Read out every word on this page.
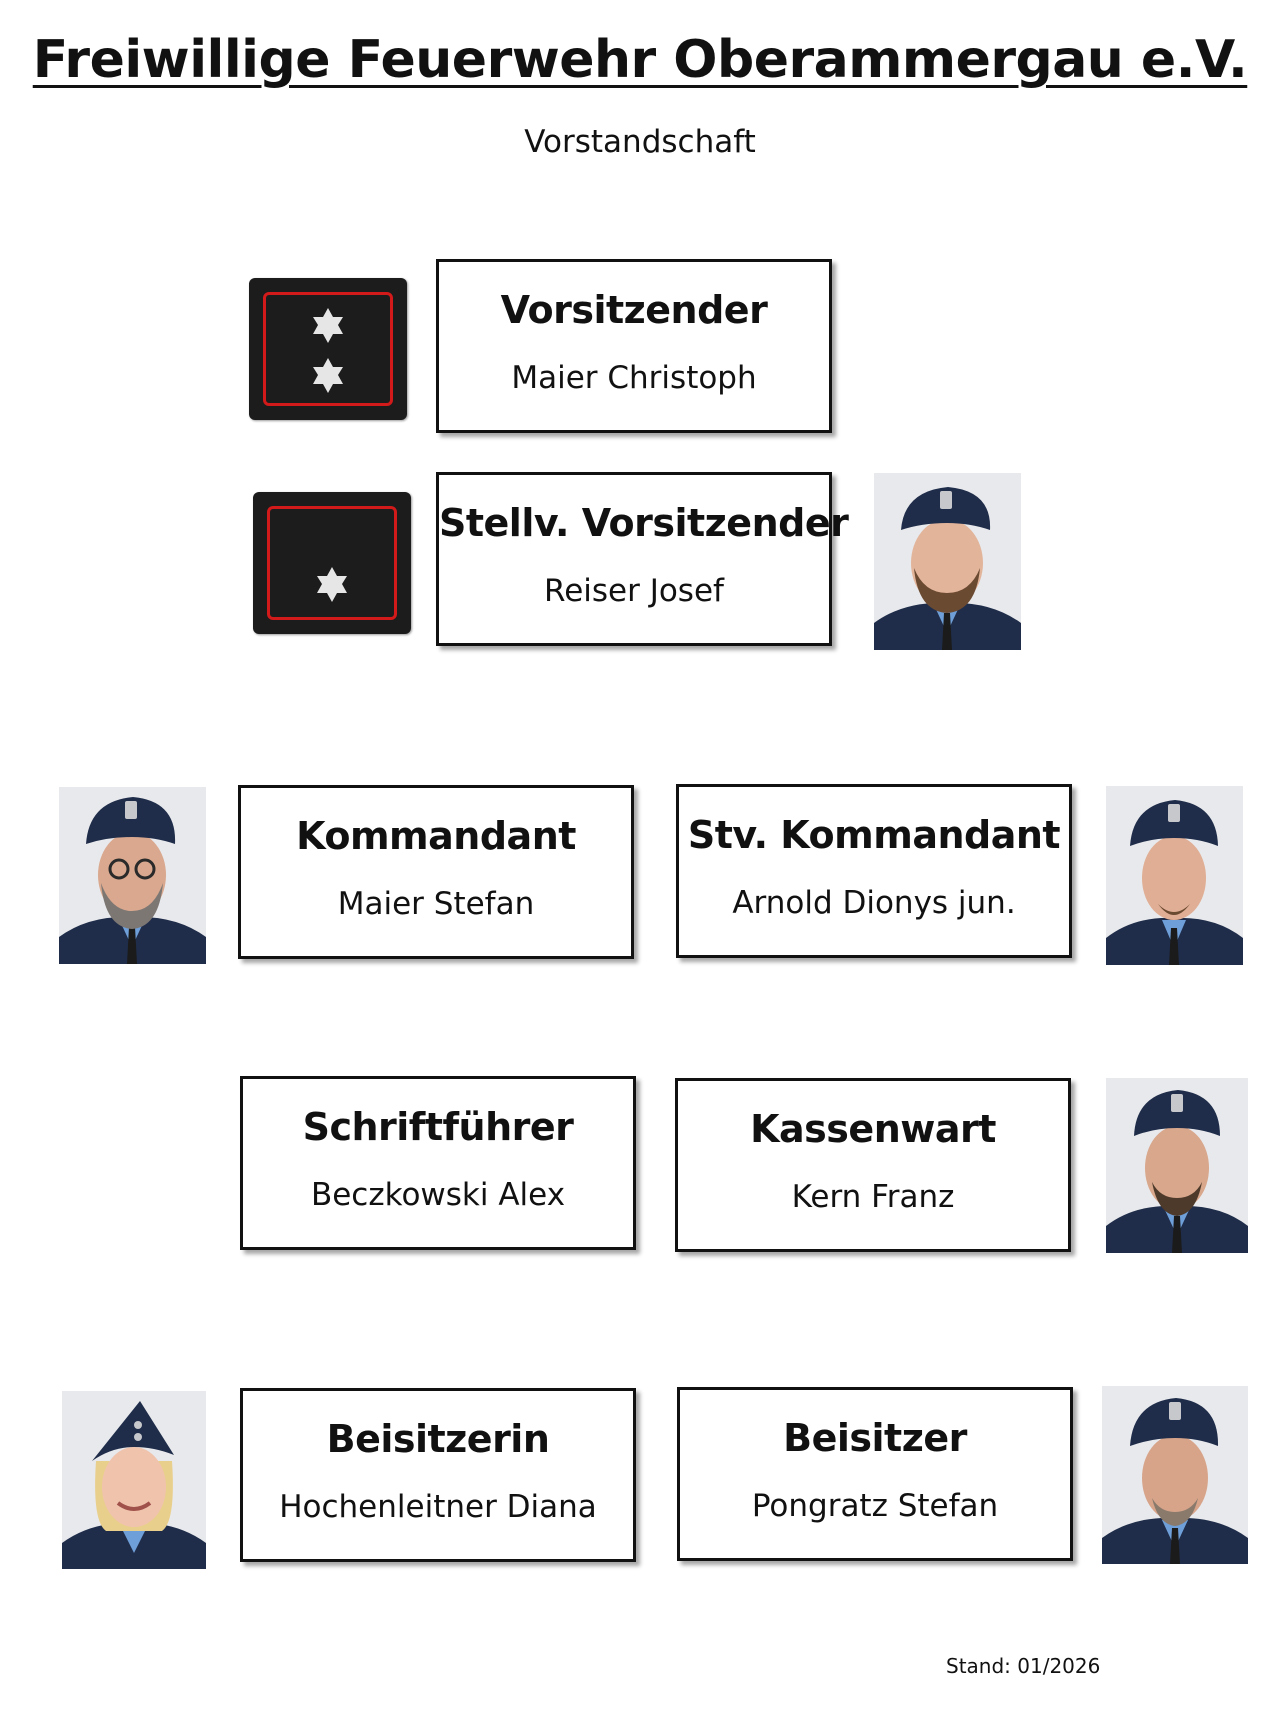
Freiwillige Feuerwehr Oberammergau e.V.
Vorstandschaft
Vorsitzender
Maier Christoph
Stellv. Vorsitzender
Reiser Josef
Kommandant
Maier Stefan
Stv. Kommandant
Arnold Dionys jun.
Schriftführer
Beczkowski Alex
Kassenwart
Kern Franz
Beisitzerin
Hochenleitner Diana
Beisitzer
Pongratz Stefan
Stand: 01/2026
